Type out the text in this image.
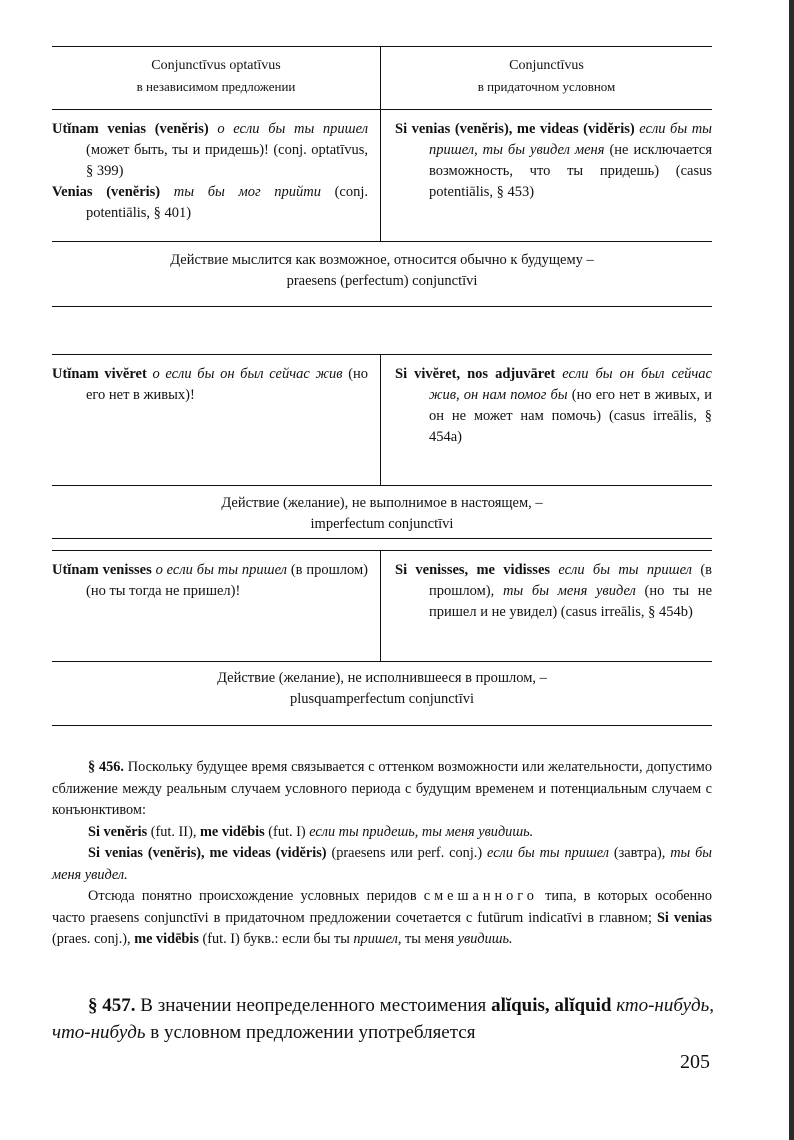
Conjunctīvus optatīvus
в независимом предложении
Conjunctīvus
в придаточном условном
Utĭnam venias (venĕris) о если бы ты пришел (может быть, ты и придешь)! (conj. optatīvus, § 399)
Venias (venĕris) ты бы мог прийти (conj. potentiālis, § 401)
Si venias (venĕris), me videas (vidĕris) если бы ты пришел, ты бы увидел меня (не исключается возможность, что ты придешь) (casus potentiālis, § 453)
Действие мыслится как возможное, относится обычно к будущему –
praesens (perfectum) conjunctīvi
Utĭnam vivĕret о если бы он был сейчас жив (но его нет в живых)!
Si vivĕret, nos adjuvāret если бы он был сейчас жив, он нам помог бы (но его нет в живых, и он не может нам помочь) (casus irreālis, § 454a)
Действие (желание), не выполнимое в настоящем, –
imperfectum conjunctīvi
Utĭnam venisses о если бы ты пришел (в прошлом) (но ты тогда не пришел)!
Si venisses, me vidisses если бы ты пришел (в прошлом), ты бы меня увидел (но ты не пришел и не увидел) (casus irreālis, § 454b)
Действие (желание), не исполнившееся в прошлом, –
plusquamperfectum conjunctīvi

§ 456. Поскольку будущее время связывается с оттенком возможности или желательности, допустимо сближение между реальным случаем условного периода с будущим временем и потенциальным случаем с конъюнктивом:

Si venĕris (fut. II), me vidēbis (fut. I) если ты придешь, ты меня увидишь.

Si venias (venĕris), me videas (vidĕris) (praesens или perf. conj.) если бы ты пришел (завтра), ты бы меня увидел.

Отсюда понятно происхождение условных перидов смешанного типа, в которых особенно часто praesens conjunctīvi в придаточном предложении сочетается с futūrum indicatīvi в главном; Si venias (praes. conj.), me vidēbis (fut. I) букв.: если бы ты пришел, ты меня увидишь.

§ 457. В значении неопределенного местоимения alĭquis, alĭquid кто-нибудь, что-нибудь в условном предложении употребляется

205
